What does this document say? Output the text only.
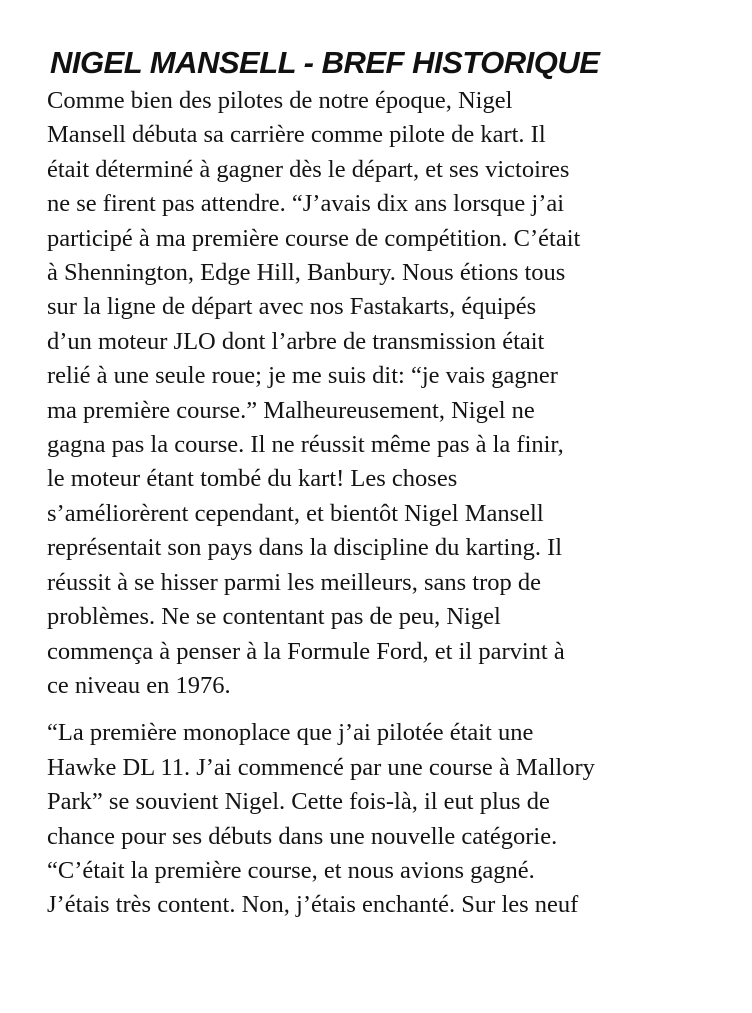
NIGEL MANSELL - BREF HISTORIQUE

Comme bien des pilotes de notre époque, Nigel
Mansell débuta sa carrière comme pilote de kart. Il
était déterminé à gagner dès le départ, et ses victoires
ne se firent pas attendre. “J’avais dix ans lorsque j’ai
participé à ma première course de compétition. C’était
à Shennington, Edge Hill, Banbury. Nous étions tous
sur la ligne de départ avec nos Fastakarts, équipés
d’un moteur JLO dont l’arbre de transmission était
relié à une seule roue; je me suis dit: “je vais gagner
ma première course.” Malheureusement, Nigel ne
gagna pas la course. Il ne réussit même pas à la finir,
le moteur étant tombé du kart! Les choses
s’améliorèrent cependant, et bientôt Nigel Mansell
représentait son pays dans la discipline du karting. Il
réussit à se hisser parmi les meilleurs, sans trop de
problèmes. Ne se contentant pas de peu, Nigel
commença à penser à la Formule Ford, et il parvint à
ce niveau en 1976.

“La première monoplace que j’ai pilotée était une
Hawke DL 11. J’ai commencé par une course à Mallory
Park” se souvient Nigel. Cette fois-là, il eut plus de
chance pour ses débuts dans une nouvelle catégorie.
“C’était la première course, et nous avions gagné.
J’étais très content. Non, j’étais enchanté. Sur les neuf
